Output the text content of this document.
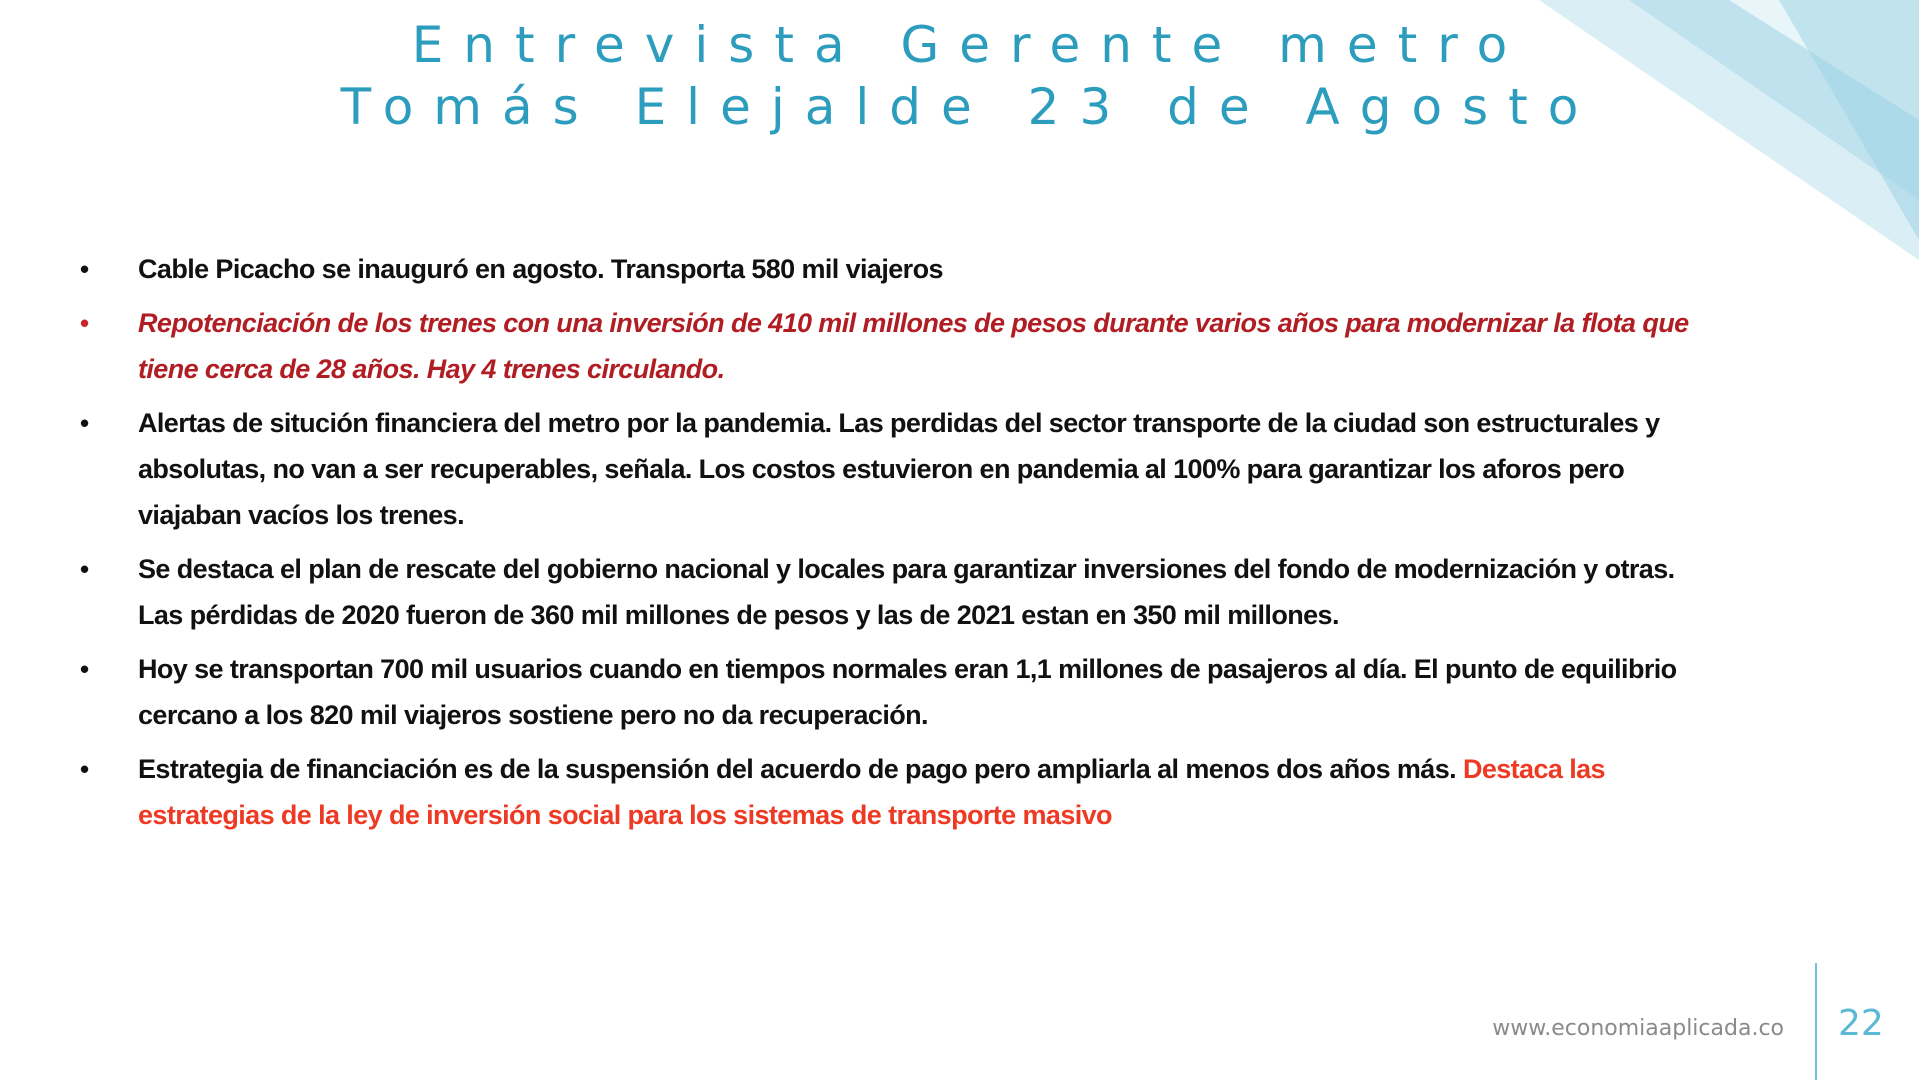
Entrevista Gerente metro
Tomás Elejalde 23 de Agosto
• Cable Picacho se inauguró en agosto. Transporta 580 mil viajeros
• Repotenciación de los trenes con una inversión de 410 mil millones de pesos durante varios años para modernizar la flota que tiene cerca de 28 años. Hay 4 trenes circulando.
• Alertas de situción financiera del metro por la pandemia. Las perdidas del sector transporte de la ciudad son estructurales y absolutas, no van a ser recuperables, señala. Los costos estuvieron en pandemia al 100% para garantizar los aforos pero viajaban vacíos los trenes.
• Se destaca el plan de rescate del gobierno nacional y locales para garantizar inversiones del fondo de modernización y otras. Las pérdidas de 2020 fueron de 360 mil millones de pesos y las de 2021 estan en 350 mil millones.
• Hoy se transportan 700 mil usuarios cuando en tiempos normales eran 1,1 millones de pasajeros al día. El punto de equilibrio cercano a los 820 mil viajeros sostiene pero no da recuperación.
• Estrategia de financiación es de la suspensión del acuerdo de pago pero ampliarla al menos dos años más. Destaca las estrategias de la ley de inversión social para los sistemas de transporte masivo
www.economiaaplicada.co 22
